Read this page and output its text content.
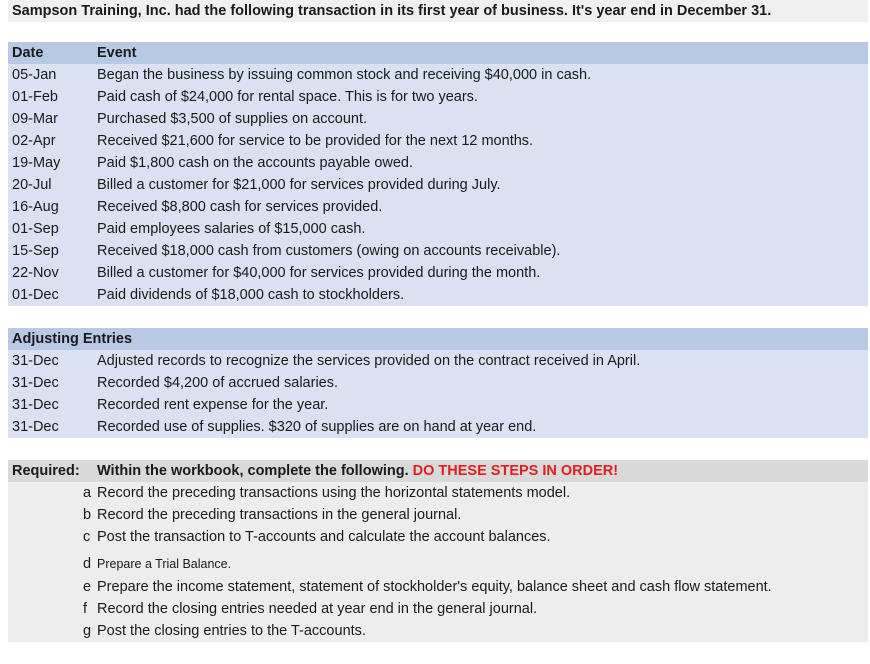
Sampson Training, Inc. had the following transaction in its first year of business. It's year end in December 31.
Date	Event
05-Jan	Began the business by issuing common stock and receiving $40,000 in cash.
01-Feb	Paid cash of $24,000 for rental space. This is for two years.
09-Mar	Purchased $3,500 of supplies on account.
02-Apr	Received $21,600 for service to be provided for the next 12 months.
19-May	Paid $1,800 cash on the accounts payable owed.
20-Jul	Billed a customer for $21,000 for services provided during July.
16-Aug	Received $8,800 cash for services provided.
01-Sep	Paid employees salaries of $15,000 cash.
15-Sep	Received $18,000 cash from customers (owing on accounts receivable).
22-Nov	Billed a customer for $40,000 for services provided during the month.
01-Dec	Paid dividends of $18,000 cash to stockholders.
Adjusting Entries
31-Dec	Adjusted records to recognize the services provided on the contract received in April.
31-Dec	Recorded $4,200 of accrued salaries.
31-Dec	Recorded rent expense for the year.
31-Dec	Recorded use of supplies. $320 of supplies are on hand at year end.
Required: Within the workbook, complete the following. DO THESE STEPS IN ORDER!
a Record the preceding transactions using the horizontal statements model.
b Record the preceding transactions in the general journal.
c Post the transaction to T-accounts and calculate the account balances.
d Prepare a Trial Balance.
e Prepare the income statement, statement of stockholder's equity, balance sheet and cash flow statement.
f Record the closing entries needed at year end in the general journal.
g Post the closing entries to the T-accounts.
